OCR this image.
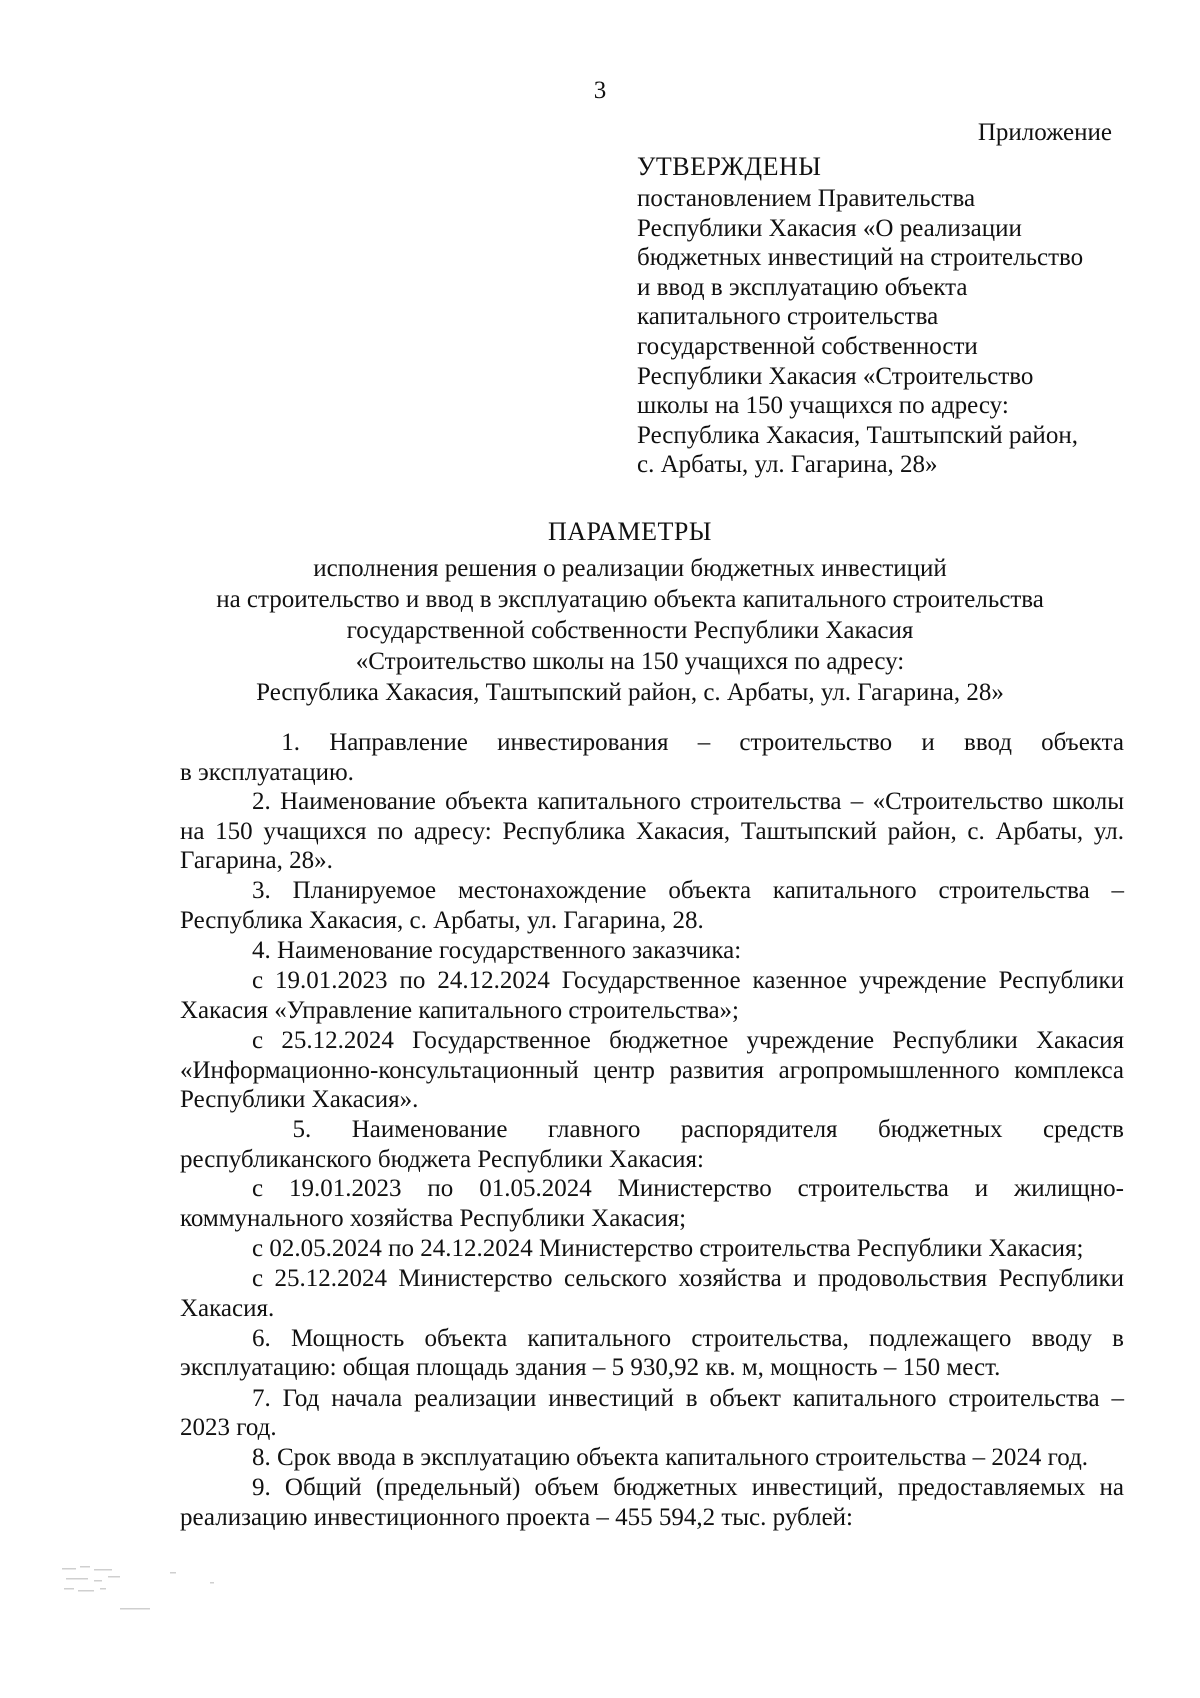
3
Приложение
УТВЕРЖДЕНЫ
постановлением Правительства
Республики Хакасия «О реализации
бюджетных инвестиций на строительство
и ввод в эксплуатацию объекта
капитального строительства
государственной собственности
Республики Хакасия «Строительство
школы на 150 учащихся по адресу:
Республика Хакасия, Таштыпский район,
с. Арбаты, ул. Гагарина, 28»
ПАРАМЕТРЫ
исполнения решения о реализации бюджетных инвестиций
на строительство и ввод в эксплуатацию объекта капитального строительства
государственной собственности Республики Хакасия
«Строительство школы на 150 учащихся по адресу:
Республика Хакасия, Таштыпский район, с. Арбаты, ул. Гагарина, 28»
1. Направление инвестирования – строительство и ввод объекта
в эксплуатацию.

2. Наименование объекта капитального строительства – «Строительство школы на 150 учащихся по адресу: Республика Хакасия, Таштыпский район, с. Арбаты, ул. Гагарина, 28».

3. Планируемое местонахождение объекта капитального строительства – Республика Хакасия, с. Арбаты, ул. Гагарина, 28.

4. Наименование государственного заказчика:

с 19.01.2023 по 24.12.2024 Государственное казенное учреждение Республики Хакасия «Управление капитального строительства»;

с 25.12.2024 Государственное бюджетное учреждение Республики Хакасия «Информационно-консультационный центр развития агропромышленного комплекса Республики Хакасия».

5. Наименование главного распорядителя бюджетных средств
республиканского бюджета Республики Хакасия:

с 19.01.2023 по 01.05.2024 Министерство строительства и жилищно-коммунального хозяйства Республики Хакасия;

с 02.05.2024 по 24.12.2024 Министерство строительства Республики Хакасия;

с 25.12.2024 Министерство сельского хозяйства и продовольствия Республики Хакасия.

6. Мощность объекта капитального строительства, подлежащего вводу в эксплуатацию: общая площадь здания – 5 930,92 кв. м, мощность – 150 мест.

7. Год начала реализации инвестиций в объект капитального строительства – 2023 год.

8. Срок ввода в эксплуатацию объекта капитального строительства – 2024 год.

9. Общий (предельный) объем бюджетных инвестиций, предоставляемых на реализацию инвестиционного проекта – 455 594,2 тыс. рублей:
